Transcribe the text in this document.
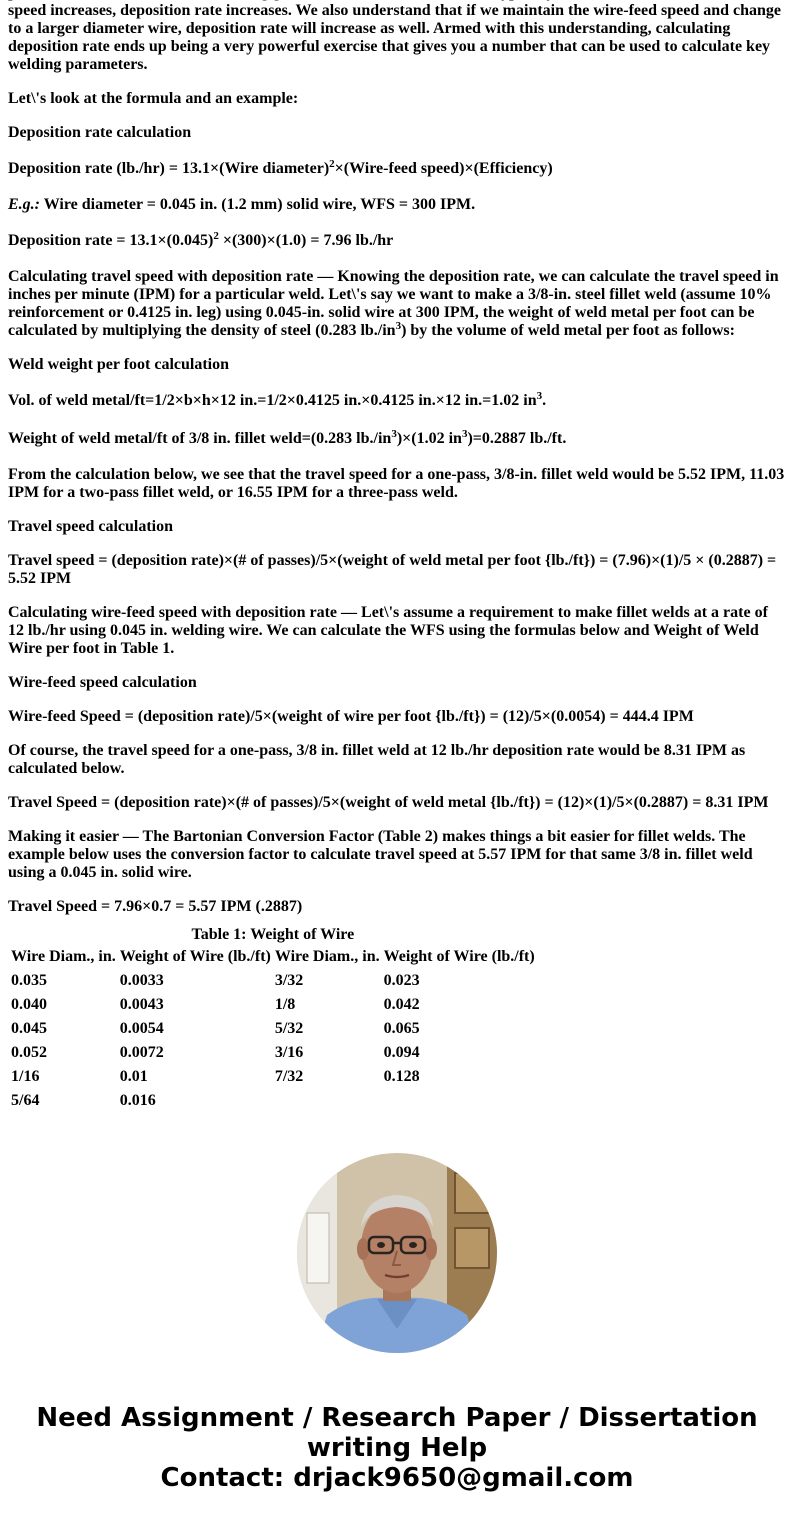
speed increases, deposition rate increases. We also understand that if we maintain the wire-feed speed and change to a larger diameter wire, deposition rate will increase as well. Armed with this understanding, calculating deposition rate ends up being a very powerful exercise that gives you a number that can be used to calculate key welding parameters.

Let\'s look at the formula and an example:

Deposition rate calculation

Deposition rate (lb./hr) = 13.1×(Wire diameter)$^2$×(Wire-feed speed)×(Efficiency)

E.g.: Wire diameter = 0.045 in. (1.2 mm) solid wire, WFS = 300 IPM.

Deposition rate = $13.1\times(0.045)^2 \times(300)\times(1.0) = 7.96$ lb./hr

Calculating travel speed with deposition rate — Knowing the deposition rate, we can calculate the travel speed in inches per minute (IPM) for a particular weld. Let\'s say we want to make a 3/8-in. steel fillet weld (assume 10% reinforcement or 0.4125 in. leg) using 0.045-in. solid wire at 300 IPM, the weight of weld metal per foot can be calculated by multiplying the density of steel (0.283 $lb./in^3$) by the volume of weld metal per foot as follows:

Weld weight per foot calculation

Vol. of weld metal/ft=1/2×b×h×12 in.=1/2×0.4125 in.×0.4125 in.×12 in.=1.02 $in^3$.

Weight of weld metal/ft of 3/8 in. fillet weld=(0.283 $lb./in^3)\times(1.02$ $in^3)=0.2887$ lb./ft.

From the calculation below, we see that the travel speed for a one-pass, 3/8-in. fillet weld would be 5.52 IPM, 11.03 IPM for a two-pass fillet weld, or 16.55 IPM for a three-pass weld.

Travel speed calculation

Travel speed = (deposition rate)×(# of passes)/5×(weight of weld metal per foot {lb./ft}) = (7.96)×(1)/5 × (0.2887) = 5.52 IPM

Calculating wire-feed speed with deposition rate — Let\'s assume a requirement to make fillet welds at a rate of 12 lb./hr using 0.045 in. welding wire. We can calculate the WFS using the formulas below and Weight of Weld Wire per foot in Table 1.

Wire-feed speed calculation

Wire-feed Speed = (deposition rate)/5×(weight of wire per foot {lb./ft}) = (12)/5×(0.0054) = 444.4 IPM

Of course, the travel speed for a one-pass, 3/8 in. fillet weld at 12 lb./hr deposition rate would be 8.31 IPM as calculated below.

Travel Speed = (deposition rate)×(# of passes)/5×(weight of weld metal {lb./ft}) = (12)×(1)/5×(0.2887) = 8.31 IPM

Making it easier — The Bartonian Conversion Factor (Table 2) makes things a bit easier for fillet welds. The example below uses the conversion factor to calculate travel speed at 5.57 IPM for that same 3/8 in. fillet weld using a 0.045 in. solid wire.

Travel Speed = 7.96×0.7 = 5.57 IPM (.2887)

Table 1: Weight of Wire
Wire Diam., in.	Weight of Wire (lb./ft)	Wire Diam., in.	Weight of Wire (lb./ft)
0.035	0.0033	3/32	0.023
0.040	0.0043	1/8	0.042
0.045	0.0054	5/32	0.065
0.052	0.0072	3/16	0.094
1/16	0.01	7/32	0.128
5/64	0.016		
Need Assignment / Research Paper / Dissertation
writing Help
Contact: drjack9650@gmail.com
